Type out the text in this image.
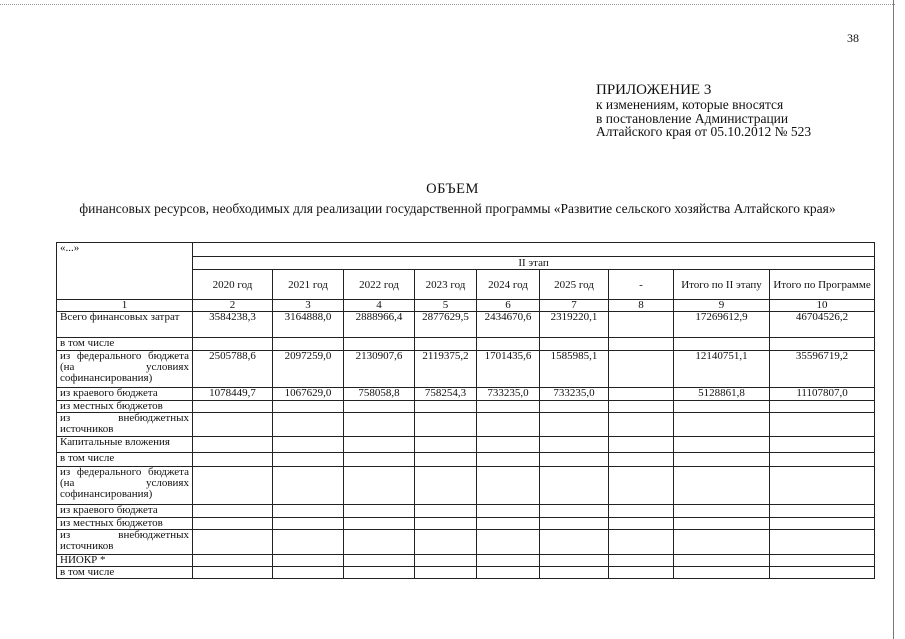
38
ПРИЛОЖЕНИЕ 3
к изменениям, которые вносятся
в постановление Администрации
Алтайского края от 05.10.2012 № 523
ОБЪЕМ
финансовых ресурсов, необходимых для реализации государственной программы «Развитие сельского хозяйства Алтайского края»
«...»									
	II этап								
	2020 год	2021 год	2022 год	2023 год	2024 год	2025 год	-	Итого по II этапу	Итого по Программе
1	2	3	4	5	6	7	8	9	10
Всего финансовых затрат	3584238,3	3164888,0	2888966,4	2877629,5	2434670,6	2319220,1		17269612,9	46704526,2
в том числе									
из федерального бюджета (на условиях софинансирования)	2505788,6	2097259,0	2130907,6	2119375,2	1701435,6	1585985,1		12140751,1	35596719,2
из краевого бюджета	1078449,7	1067629,0	758058,8	758254,3	733235,0	733235,0		5128861,8	11107807,0
из местных бюджетов									
из внебюджетных источников									
Капитальные вложения									
в том числе									
из федерального бюджета (на условиях софинансирования)									
из краевого бюджета									
из местных бюджетов									
из внебюджетных источников									
НИОКР *									
в том числе									
